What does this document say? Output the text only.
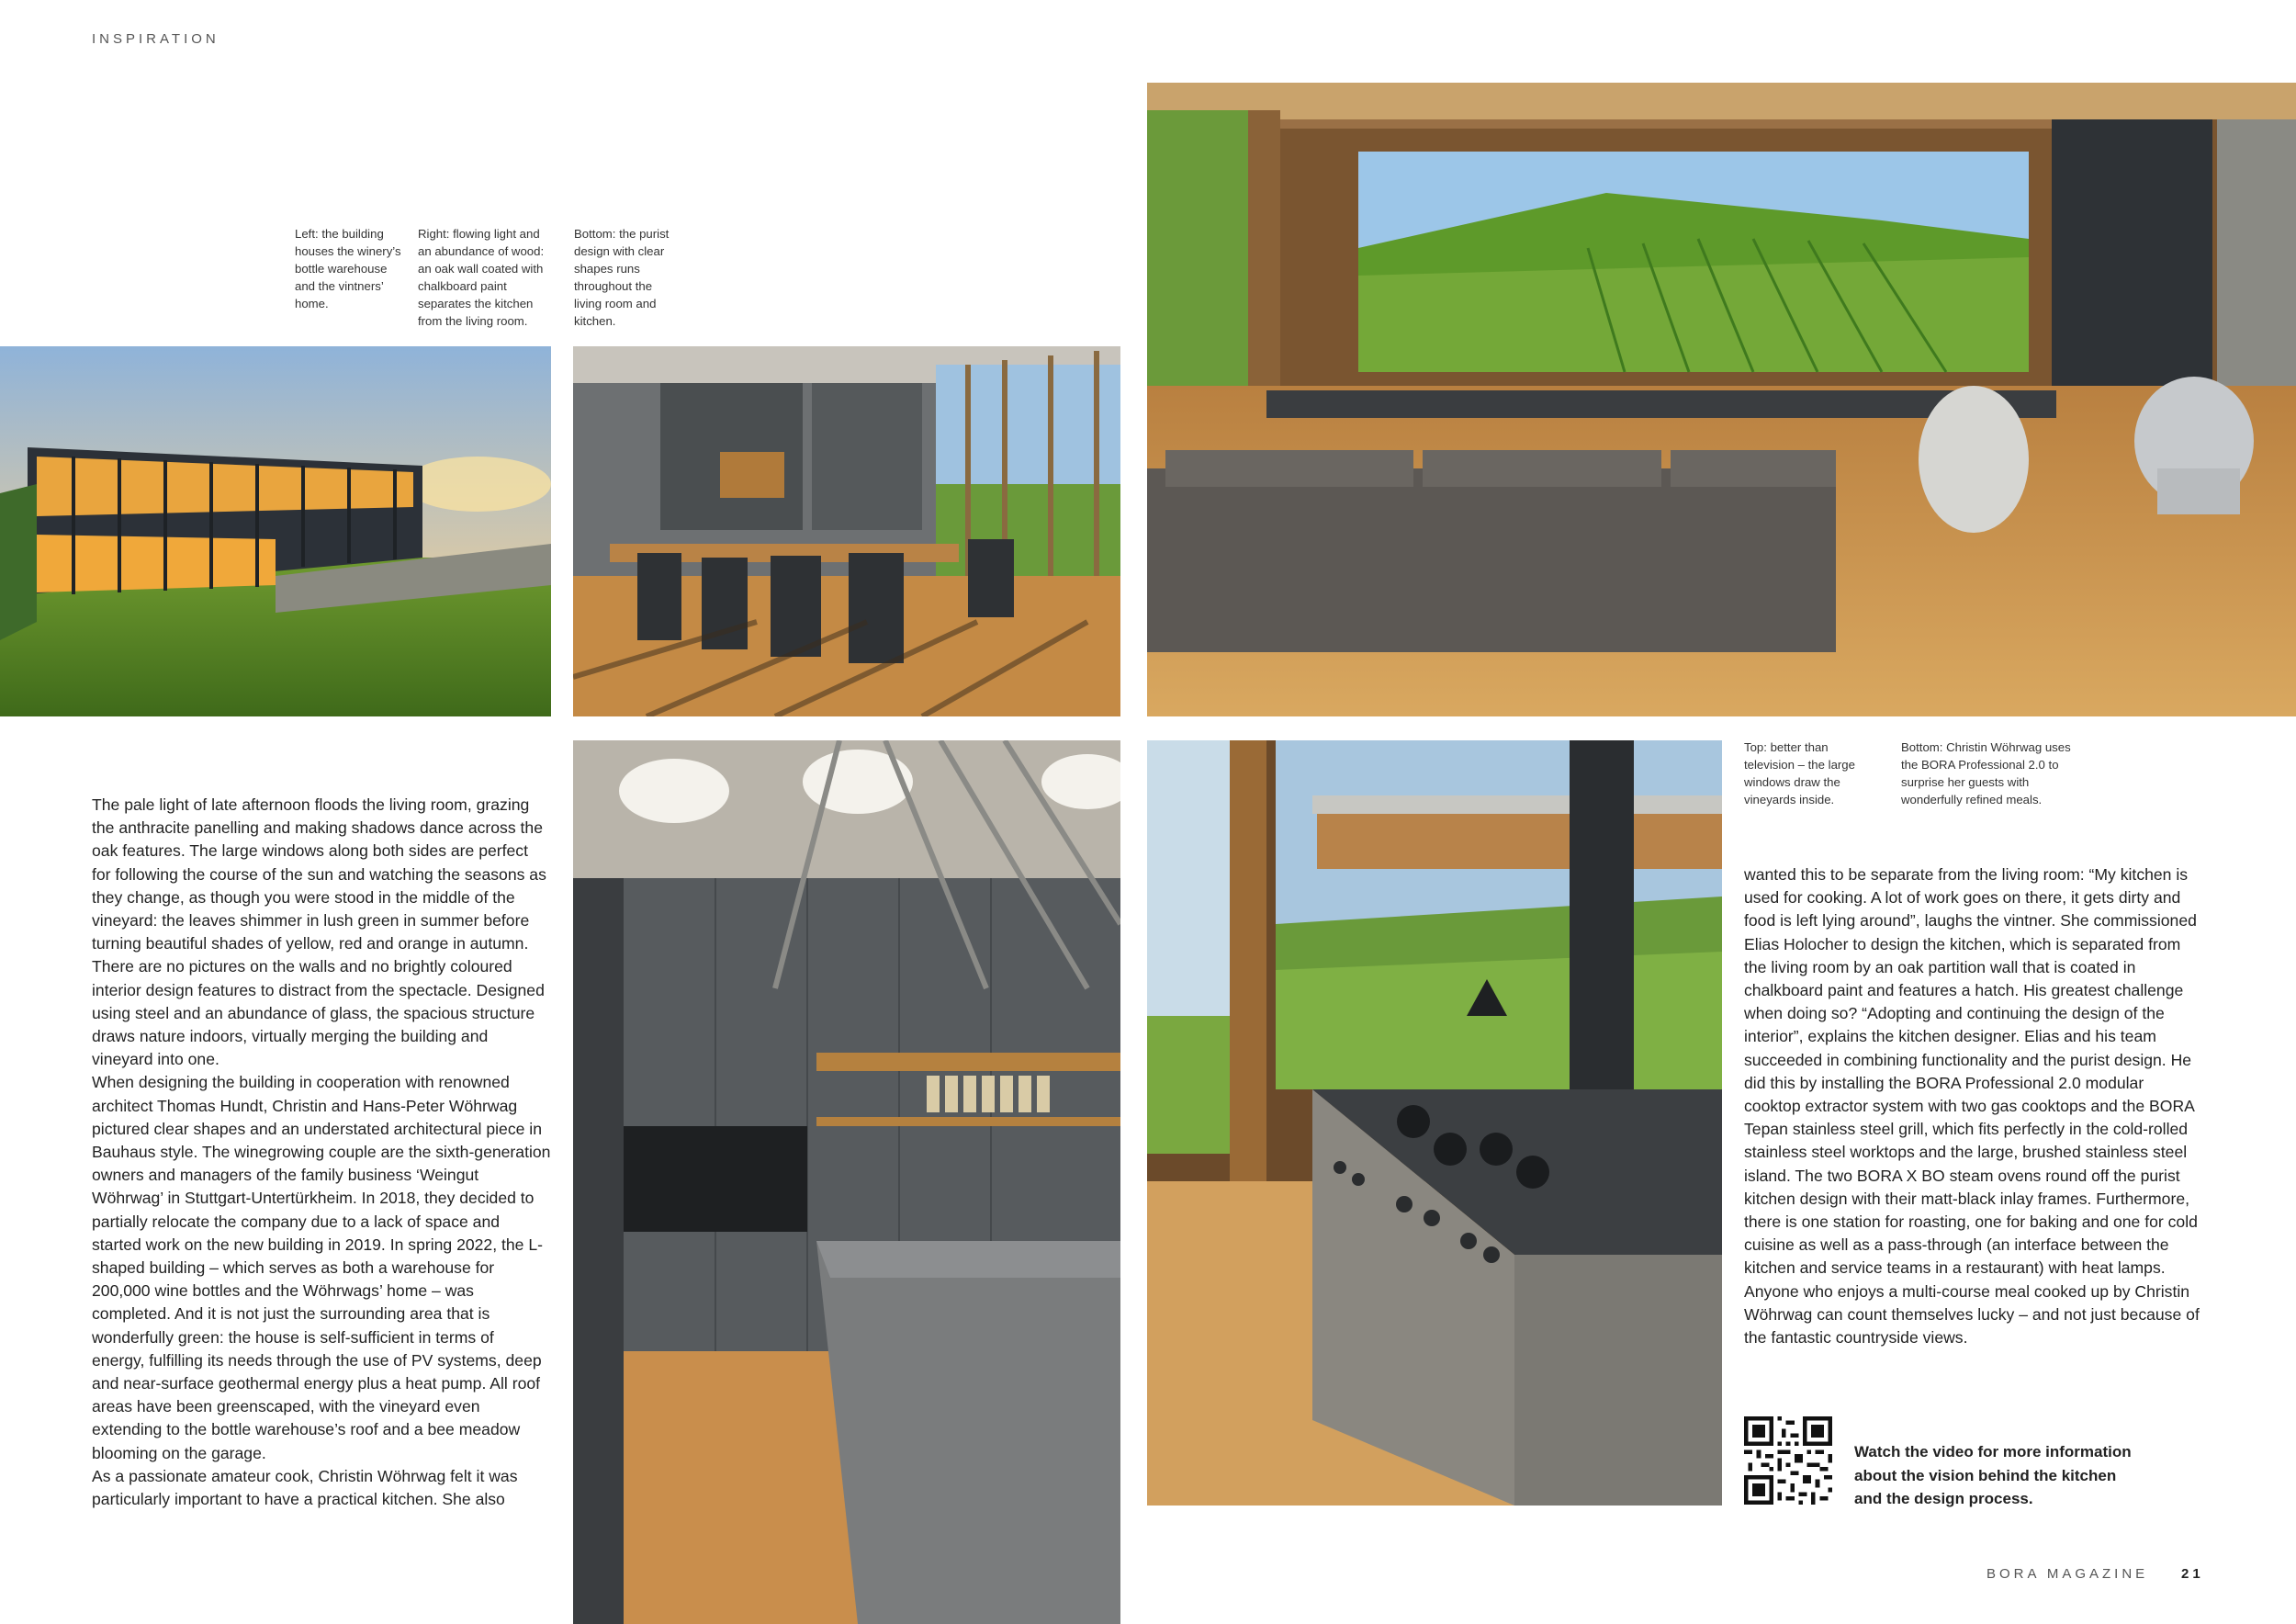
INSPIRATION
Left: the building houses the winery’s bottle warehouse and the vintners’ home.
Right: flowing light and an abundance of wood: an oak wall coated with chalkboard paint separates the kitchen from the living room.
Bottom: the purist design with clear shapes runs throughout the living room and kitchen.
Top: better than television – the large windows draw the vineyards inside.
Bottom: Christin Wöhrwag uses the BORA Professional 2.0 to surprise her guests with wonderfully refined meals.

The pale light of late afternoon floods the living room, grazing the anthracite panelling and making shadows dance across the oak features. The large windows along both sides are perfect for following the course of the sun and watching the seasons as they change, as though you were stood in the middle of the vineyard: the leaves shimmer in lush green in summer before turning beautiful shades of yellow, red and orange in autumn. There are no pictures on the walls and no brightly coloured interior design features to distract from the spectacle. Designed using steel and an abundance of glass, the spacious structure draws nature indoors, virtually merging the building and vineyard into one.

When designing the building in cooperation with renowned architect Thomas Hundt, Christin and Hans-Peter Wöhrwag pictured clear shapes and an understated architectural piece in Bauhaus style. The winegrowing couple are the sixth-generation owners and managers of the family business ‘Weingut Wöhrwag’ in Stuttgart-Untertürkheim. In 2018, they decided to partially relocate the company due to a lack of space and started work on the new building in 2019. In spring 2022, the L-shaped building – which serves as both a warehouse for 200,000 wine bottles and the Wöhrwags’ home – was completed. And it is not just the surrounding area that is wonderfully green: the house is self-sufficient in terms of energy, fulfilling its needs through the use of PV systems, deep and near-surface geothermal energy plus a heat pump. All roof areas have been greenscaped, with the vineyard even extending to the bottle warehouse’s roof and a bee meadow blooming on the garage.

As a passionate amateur cook, Christin Wöhrwag felt it was particularly important to have a practical kitchen. She also

wanted this to be separate from the living room: “My kitchen is used for cooking. A lot of work goes on there, it gets dirty and food is left lying around”, laughs the vintner. She commissioned Elias Holocher to design the kitchen, which is separated from the living room by an oak partition wall that is coated in chalkboard paint and features a hatch. His greatest challenge when doing so? “Adopting and continuing the design of the interior”, explains the kitchen designer. Elias and his team succeeded in combining functionality and the purist design. He did this by installing the BORA Professional 2.0 modular cooktop extractor system with two gas cooktops and the BORA Tepan stainless steel grill, which fits perfectly in the cold-rolled stainless steel worktops and the large, brushed stainless steel island. The two BORA X BO steam ovens round off the purist kitchen design with their matt-black inlay frames. Furthermore, there is one station for roasting, one for baking and one for cold cuisine as well as a pass-through (an interface between the kitchen and service teams in a restaurant) with heat lamps. Anyone who enjoys a multi-course meal cooked up by Christin Wöhrwag can count themselves lucky – and not just because of the fantastic countryside views.

Watch the video for more information
about the vision behind the kitchen
and the design process.
BORA MAGAZINE 21
